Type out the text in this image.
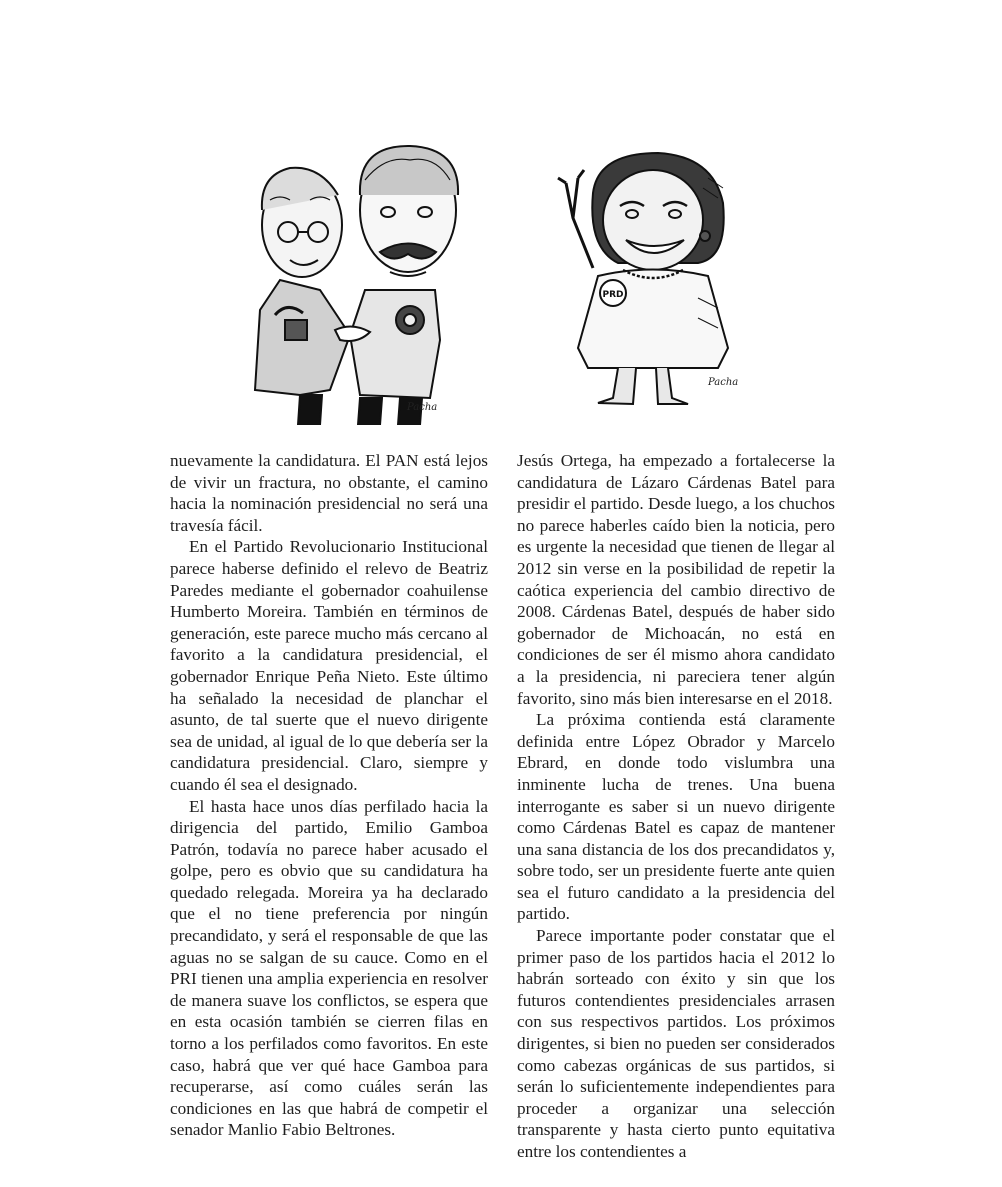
Pacha
PRD
Pacha

nuevamente la candidatura. El PAN está lejos de vivir un fractura, no obstante, el camino hacia la nominación presidencial no será una travesía fácil.

En el Partido Revolucionario Institucional parece haberse definido el relevo de Beatriz Paredes mediante el gobernador coahuilense Humberto Moreira. También en términos de generación, este parece mucho más cercano al favorito a la candidatura presidencial, el gobernador Enrique Peña Nieto. Este último ha señalado la necesidad de planchar el asunto, de tal suerte que el nuevo dirigente sea de unidad, al igual de lo que debería ser la candidatura presidencial. Claro, siempre y cuando él sea el designado.

El hasta hace unos días perfilado hacia la dirigencia del partido, Emilio Gamboa Patrón, todavía no parece haber acusado el golpe, pero es obvio que su candidatura ha quedado relegada. Moreira ya ha declarado que el no tiene preferencia por ningún precandidato, y será el responsable de que las aguas no se salgan de su cauce. Como en el PRI tienen una amplia experiencia en resolver de manera suave los conflictos, se espera que en esta ocasión también se cierren filas en torno a los perfilados como favoritos. En este caso, habrá que ver qué hace Gamboa para recuperarse, así como cuáles serán las condiciones en las que habrá de competir el senador Manlio Fabio Beltrones.

Jesús Ortega, ha empezado a fortalecerse la candidatura de Lázaro Cárdenas Batel para presidir el partido. Desde luego, a los chuchos no parece haberles caído bien la noticia, pero es urgente la necesidad que tienen de llegar al 2012 sin verse en la posibilidad de repetir la caótica experiencia del cambio directivo de 2008. Cárdenas Batel, después de haber sido gobernador de Michoacán, no está en condiciones de ser él mismo ahora candidato a la presidencia, ni pareciera tener algún favorito, sino más bien interesarse en el 2018.

La próxima contienda está claramente definida entre López Obrador y Marcelo Ebrard, en donde todo vislumbra una inminente lucha de trenes. Una buena interrogante es saber si un nuevo dirigente como Cárdenas Batel es capaz de mantener una sana distancia de los dos precandidatos y, sobre todo, ser un presidente fuerte ante quien sea el futuro candidato a la presidencia del partido.

Parece importante poder constatar que el primer paso de los partidos hacia el 2012 lo habrán sorteado con éxito y sin que los futuros contendientes presidenciales arrasen con sus respectivos partidos. Los próximos dirigentes, si bien no pueden ser considerados como cabezas orgánicas de sus partidos, si serán lo suficientemente independientes para proceder a organizar una selección transparente y hasta cierto punto equitativa entre los contendientes a
